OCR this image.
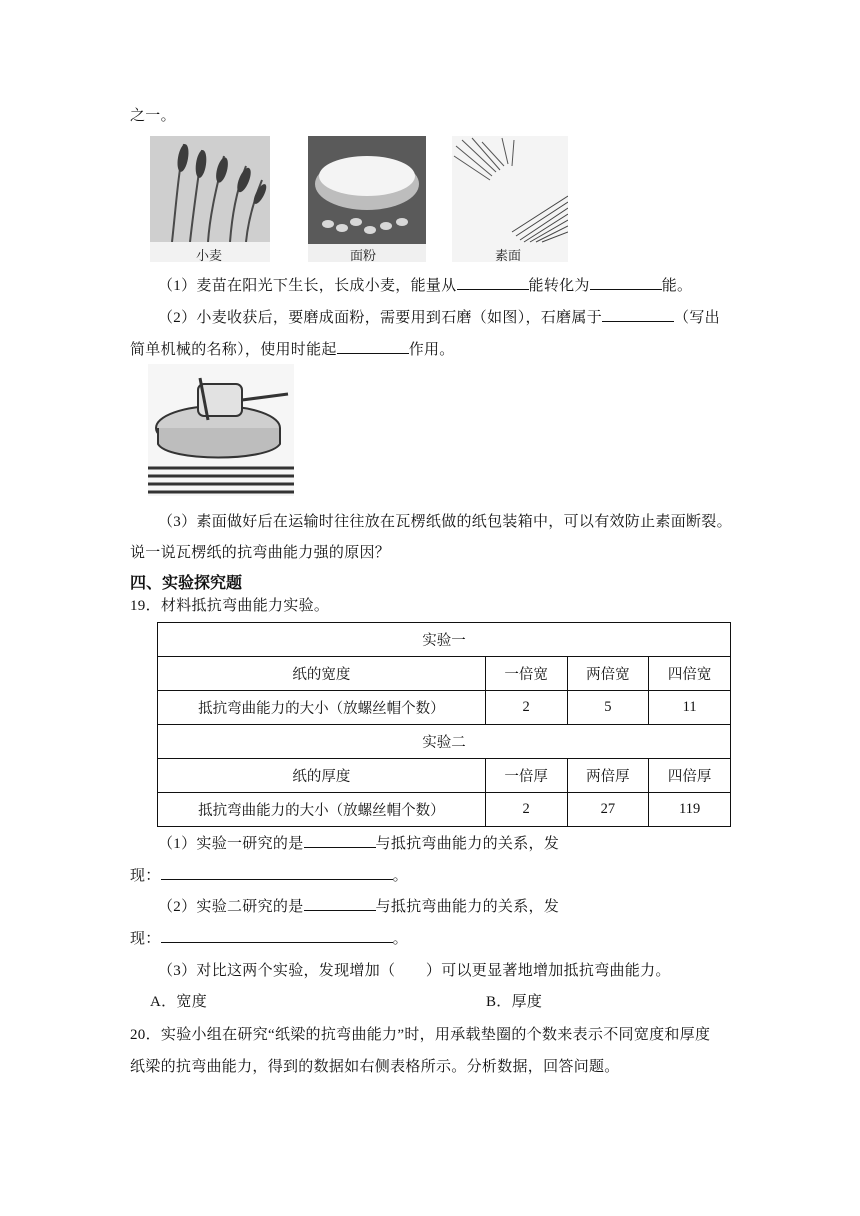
之一。
小麦	面粉	素面
（1）麦苗在阳光下生长，长成小麦，能量从	能转化为	能。
（2）小麦收获后，要磨成面粉，需要用到石磨（如图），石磨属于	（写出
简单机械的名称），使用时能起	作用。
（3）素面做好后在运输时往往放在瓦楞纸做的纸包装箱中，可以有效防止素面断裂。
说一说瓦楞纸的抗弯曲能力强的原因？
四、实验探究题
19．材料抵抗弯曲能力实验。
实验一			
纸的宽度	一倍宽	两倍宽	四倍宽
抵抗弯曲能力的大小（放螺丝帽个数）	2	5	11
实验二			
纸的厚度	一倍厚	两倍厚	四倍厚
抵抗弯曲能力的大小（放螺丝帽个数）	2	27	119
（1）实验一研究的是	与抵抗弯曲能力的关系，发
现：	。
（2）实验二研究的是	与抵抗弯曲能力的关系，发
现：	。
（3）对比这两个实验，发现增加（　　）可以更显著地增加抵抗弯曲能力。
A．宽度	B．厚度
20．实验小组在研究“纸梁的抗弯曲能力”时，用承载垫圈的个数来表示不同宽度和厚度
纸梁的抗弯曲能力，得到的数据如右侧表格所示。分析数据，回答问题。
